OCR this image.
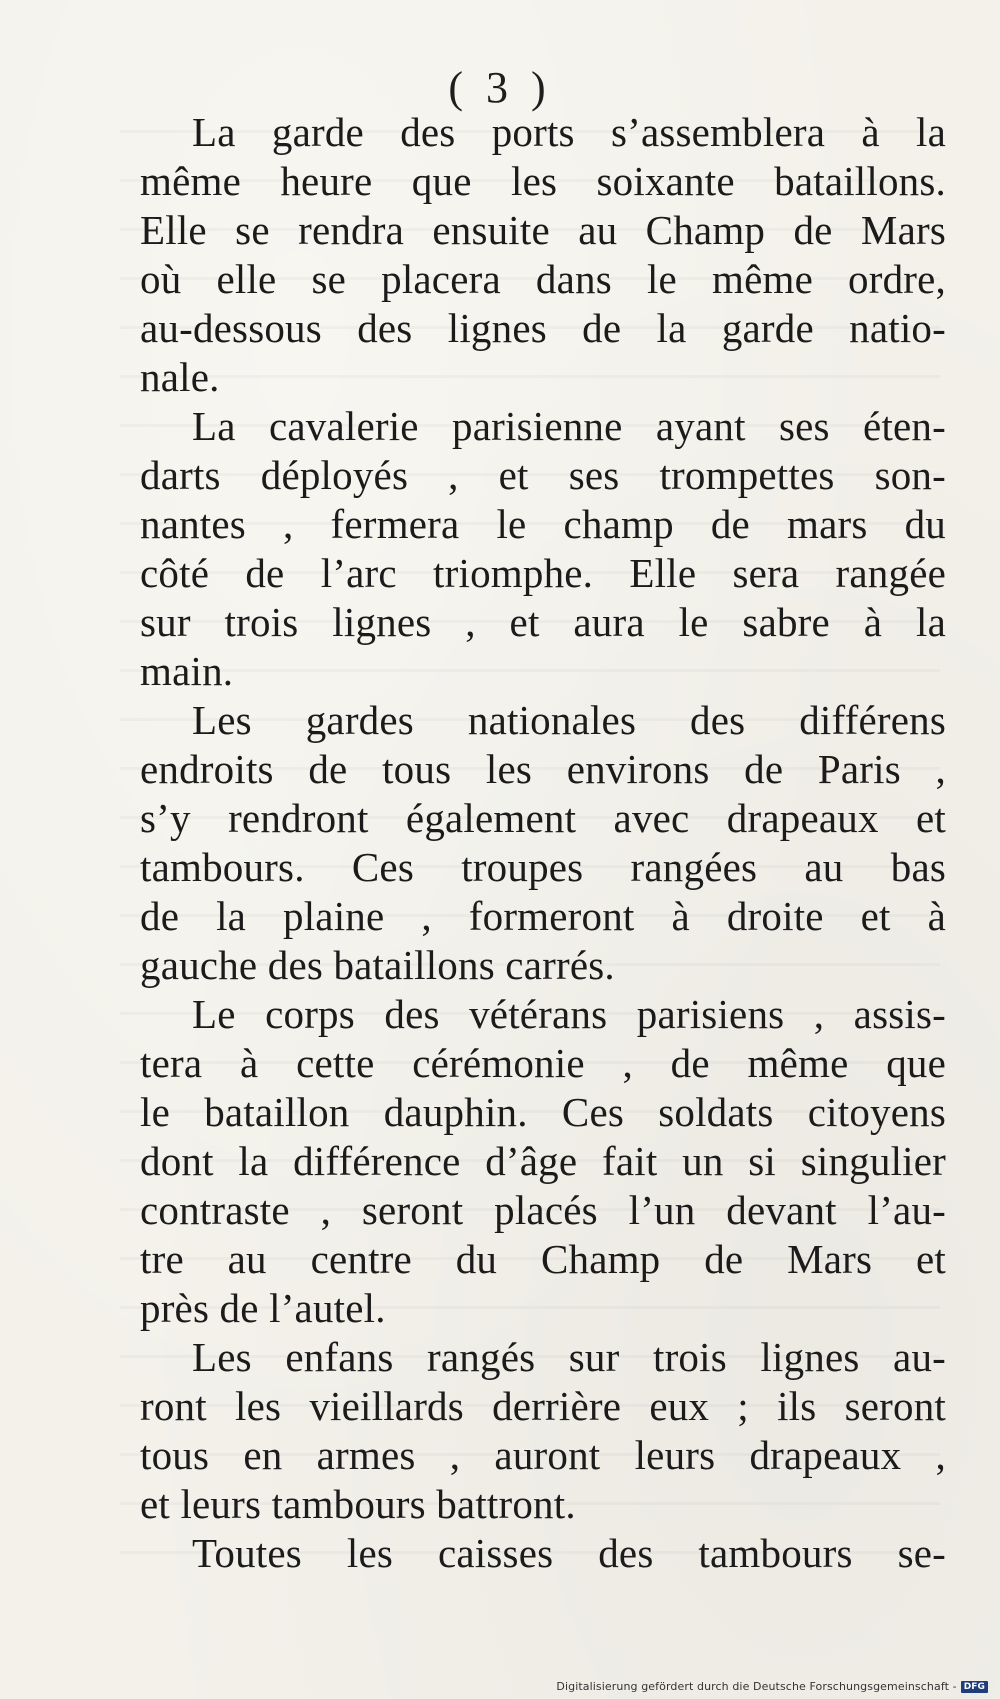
( 3 )
La garde des ports s’assemblera à la
même heure que les soixante bataillons.
Elle se rendra ensuite au Champ de Mars
où elle se placera dans le même ordre,
au-dessous des lignes de la garde natio-
nale.
La cavalerie parisienne ayant ses éten-
darts déployés , et ses trompettes son-
nantes , fermera le champ de mars du
côté de l’arc triomphe. Elle sera rangée
sur trois lignes , et aura le sabre à la
main.
Les gardes nationales des différens
endroits de tous les environs de Paris ,
s’y rendront également avec drapeaux et
tambours. Ces troupes rangées au bas
de la plaine , formeront à droite et à
gauche des bataillons carrés.
Le corps des vétérans parisiens , assis-
tera à cette cérémonie , de même que
le bataillon dauphin. Ces soldats citoyens
dont la différence d’âge fait un si singulier
contraste , seront placés l’un devant l’au-
tre au centre du Champ de Mars et
près de l’autel.
Les enfans rangés sur trois lignes au-
ront les vieillards derrière eux ; ils seront
tous en armes , auront leurs drapeaux ,
et leurs tambours battront.
Toutes les caisses des tambours se-
Digitalisierung gefördert durch die Deutsche Forschungsgemeinschaft - DFG
